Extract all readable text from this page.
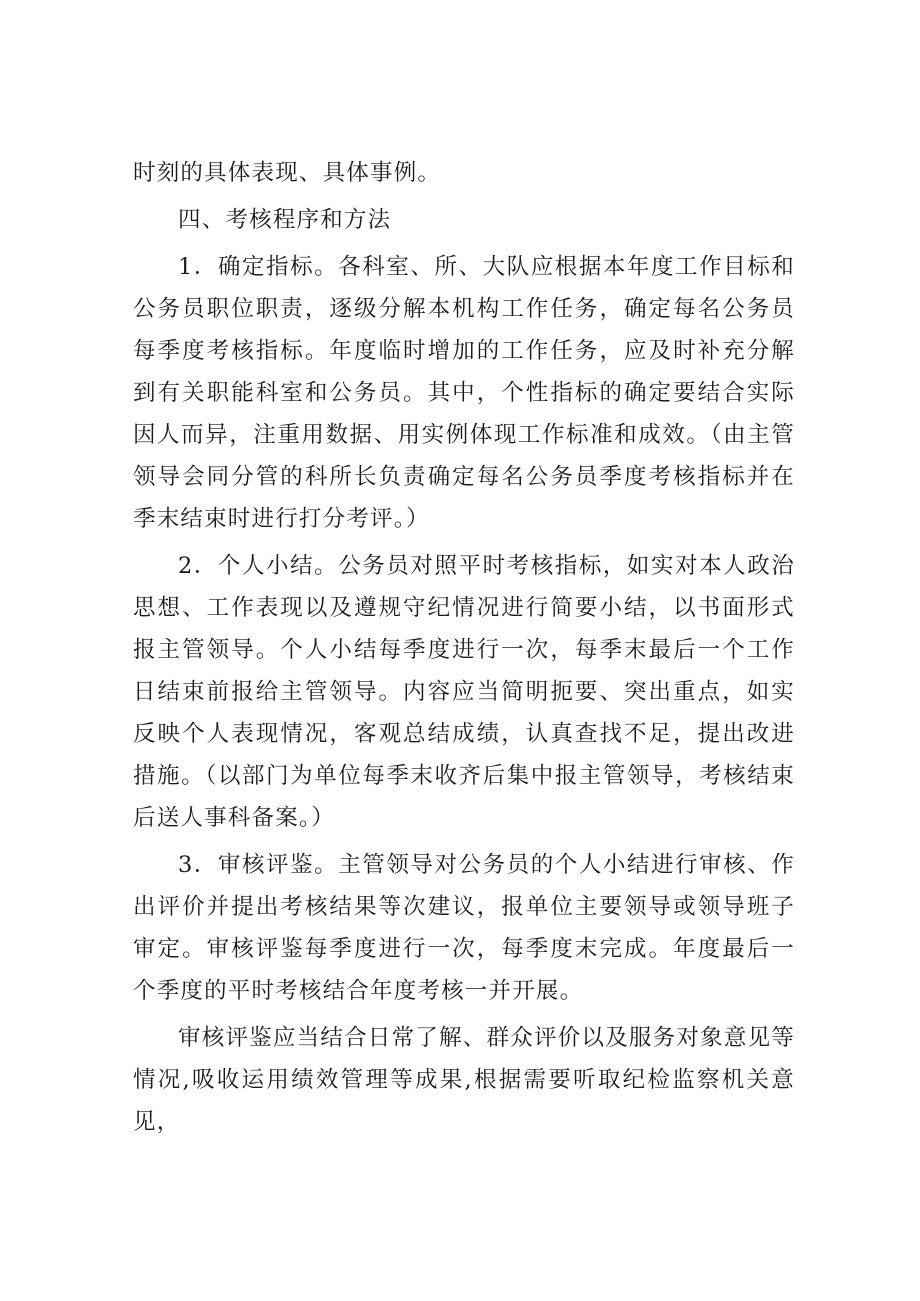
时刻的具体表现、具体事例。

四、考核程序和方法

1．确定指标。各科室、所、大队应根据本年度工作目标和公务员职位职责，逐级分解本机构工作任务，确定每名公务员每季度考核指标。年度临时增加的工作任务，应及时补充分解到有关职能科室和公务员。其中，个性指标的确定要结合实际因人而异，注重用数据、用实例体现工作标准和成效。（由主管领导会同分管的科所长负责确定每名公务员季度考核指标并在季末结束时进行打分考评。）

2．个人小结。公务员对照平时考核指标，如实对本人政治思想、工作表现以及遵规守纪情况进行简要小结，以书面形式报主管领导。个人小结每季度进行一次，每季末最后一个工作日结束前报给主管领导。内容应当简明扼要、突出重点，如实反映个人表现情况，客观总结成绩，认真查找不足，提出改进措施。（以部门为单位每季末收齐后集中报主管领导，考核结束后送人事科备案。）

3．审核评鉴。主管领导对公务员的个人小结进行审核、作出评价并提出考核结果等次建议，报单位主要领导或领导班子审定。审核评鉴每季度进行一次，每季度末完成。年度最后一个季度的平时考核结合年度考核一并开展。

审核评鉴应当结合日常了解、群众评价以及服务对象意见等情况,吸收运用绩效管理等成果,根据需要听取纪检监察机关意见，
